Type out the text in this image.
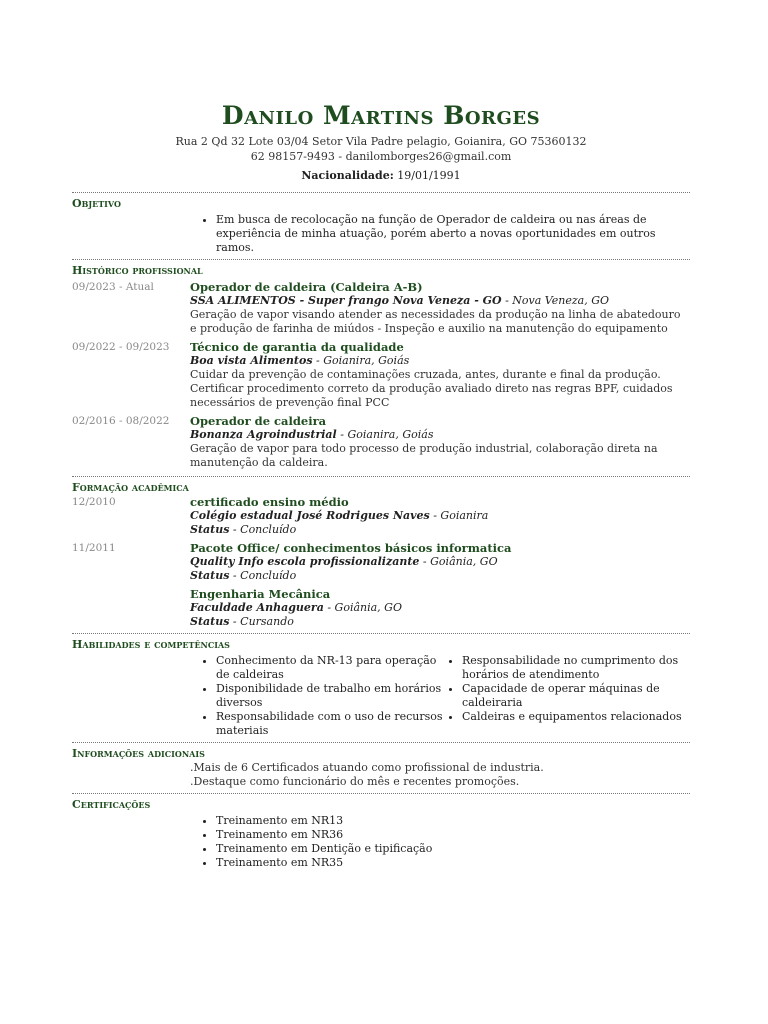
Danilo Martins Borges
Rua 2 Qd 32 Lote 03/04 Setor Vila Padre pelagio, Goianira, GO 75360132
62 98157-9493 - danilomborges26@gmail.com
Nacionalidade: 19/01/1991
Objetivo
• Em busca de recolocação na função de Operador de caldeira ou nas áreas de experiência de minha atuação, porém aberto a novas oportunidades em outros ramos.
Histórico profissional
09/2023 - Atual	Operador de caldeira (Caldeira A-B)
SSA ALIMENTOS - Super frango Nova Veneza - GO - Nova Veneza, GO
Geração de vapor visando atender as necessidades da produção na linha de abatedouro e produção de farinha de miúdos - Inspeção e auxilio na manutenção do equipamento
09/2022 - 09/2023	Técnico de garantia da qualidade
Boa vista Alimentos - Goianira, Goiás
Cuidar da prevenção de contaminações cruzada, antes, durante e final da produção. Certificar procedimento correto da produção avaliado direto nas regras BPF, cuidados necessários de prevenção final PCC
02/2016 - 08/2022	Operador de caldeira
Bonanza Agroindustrial - Goianira, Goiás
Geração de vapor para todo processo de produção industrial, colaboração direta na manutenção da caldeira.
Formação acadêmica
12/2010	certificado ensino médio
Colégio estadual José Rodrigues Naves - Goianira
Status - Concluído
11/2011	Pacote Office/ conhecimentos básicos informatica
Quality Info escola profissionalizante - Goiânia, GO
Status - Concluído
Engenharia Mecânica
Faculdade Anhaguera - Goiânia, GO
Status - Cursando
Habilidades e competências
• Conhecimento da NR-13 para operação de caldeiras
• Disponibilidade de trabalho em horários diversos
• Responsabilidade com o uso de recursos materiais
• Responsabilidade no cumprimento dos horários de atendimento
• Capacidade de operar máquinas de caldeiraria
• Caldeiras e equipamentos relacionados
Informações adicionais
.Mais de 6 Certificados atuando como profissional de industria.
.Destaque como funcionário do mês e recentes promoções.
Certificações
• Treinamento em NR13
• Treinamento em NR36
• Treinamento em Dentição e tipificação
• Treinamento em NR35
